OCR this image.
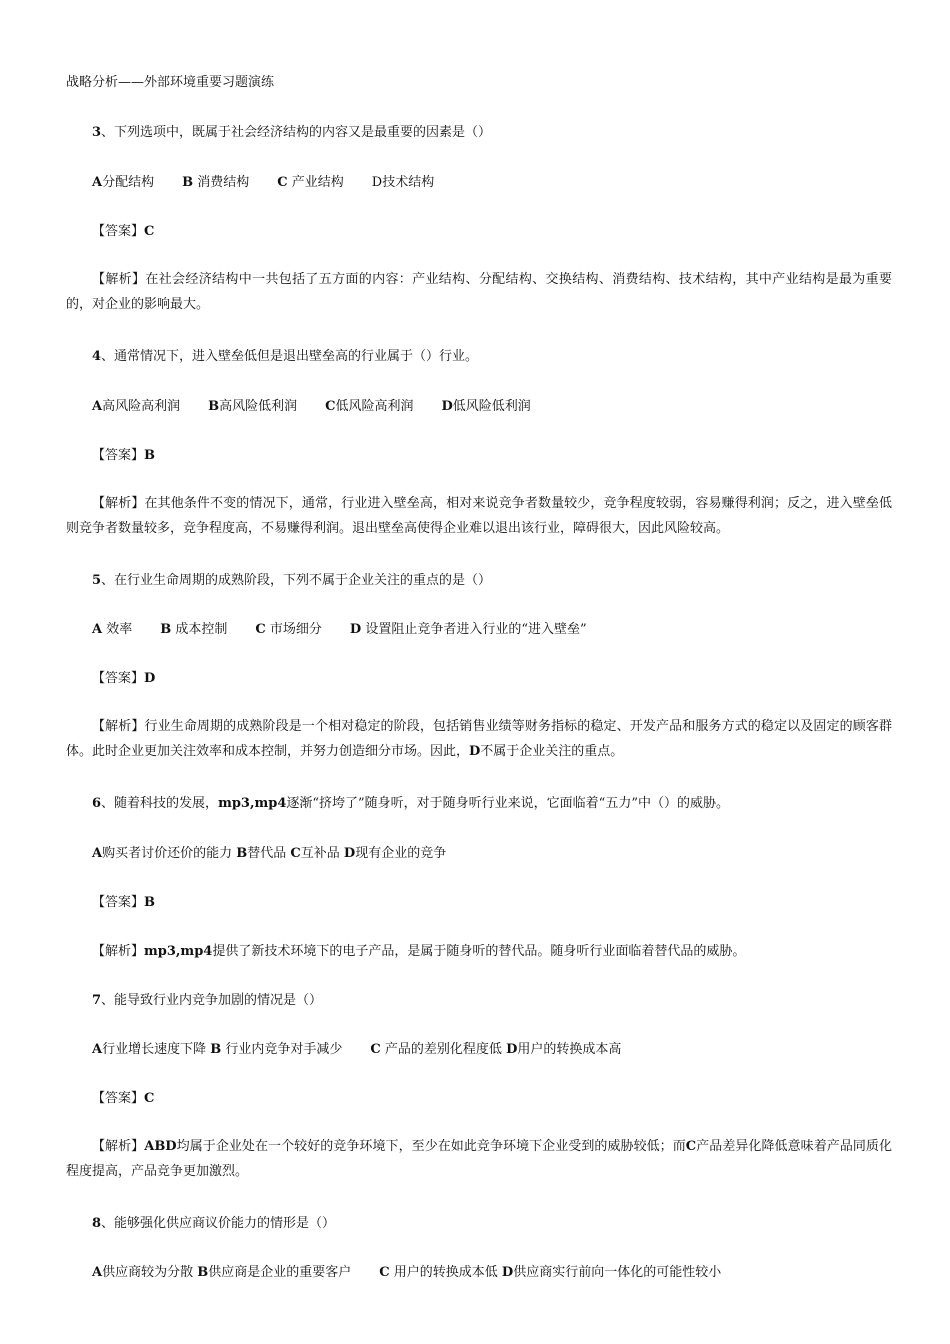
战略分析——外部环境重要习题演练
3、下列选项中，既属于社会经济结构的内容又是最重要的因素是（）
A分配结构 B 消费结构 C 产业结构 D技术结构
【答案】C
【解析】在社会经济结构中一共包括了五方面的内容：产业结构、分配结构、交换结构、消费结构、技术结构，其中产业结构是最为重要的，对企业的影响最大。
4、通常情况下，进入壁垒低但是退出壁垒高的行业属于（）行业。
A高风险高利润 B高风险低利润 C低风险高利润 D低风险低利润
【答案】B
【解析】在其他条件不变的情况下，通常，行业进入壁垒高，相对来说竞争者数量较少，竞争程度较弱，容易赚得利润；反之，进入壁垒低则竞争者数量较多，竞争程度高，不易赚得利润。退出壁垒高使得企业难以退出该行业，障碍很大，因此风险较高。
5、在行业生命周期的成熟阶段，下列不属于企业关注的重点的是（）
A 效率 B 成本控制 C 市场细分 D 设置阻止竞争者进入行业的“进入壁垒”
【答案】D
【解析】行业生命周期的成熟阶段是一个相对稳定的阶段，包括销售业绩等财务指标的稳定、开发产品和服务方式的稳定以及固定的顾客群体。此时企业更加关注效率和成本控制，并努力创造细分市场。因此，D不属于企业关注的重点。
6、随着科技的发展，mp3,mp4逐渐“挤垮了”随身听，对于随身听行业来说，它面临着“五力”中（）的威胁。
A购买者讨价还价的能力 B替代品 C互补品 D现有企业的竞争
【答案】B
【解析】mp3,mp4提供了新技术环境下的电子产品，是属于随身听的替代品。随身听行业面临着替代品的威胁。
7、能导致行业内竞争加剧的情况是（）
A行业增长速度下降 B 行业内竞争对手减少 C 产品的差别化程度低 D用户的转换成本高
【答案】C
【解析】ABD均属于企业处在一个较好的竞争环境下，至少在如此竞争环境下企业受到的威胁较低；而C产品差异化降低意味着产品同质化程度提高，产品竞争更加激烈。
8、能够强化供应商议价能力的情形是（）
A供应商较为分散 B供应商是企业的重要客户 C 用户的转换成本低 D供应商实行前向一体化的可能性较小
